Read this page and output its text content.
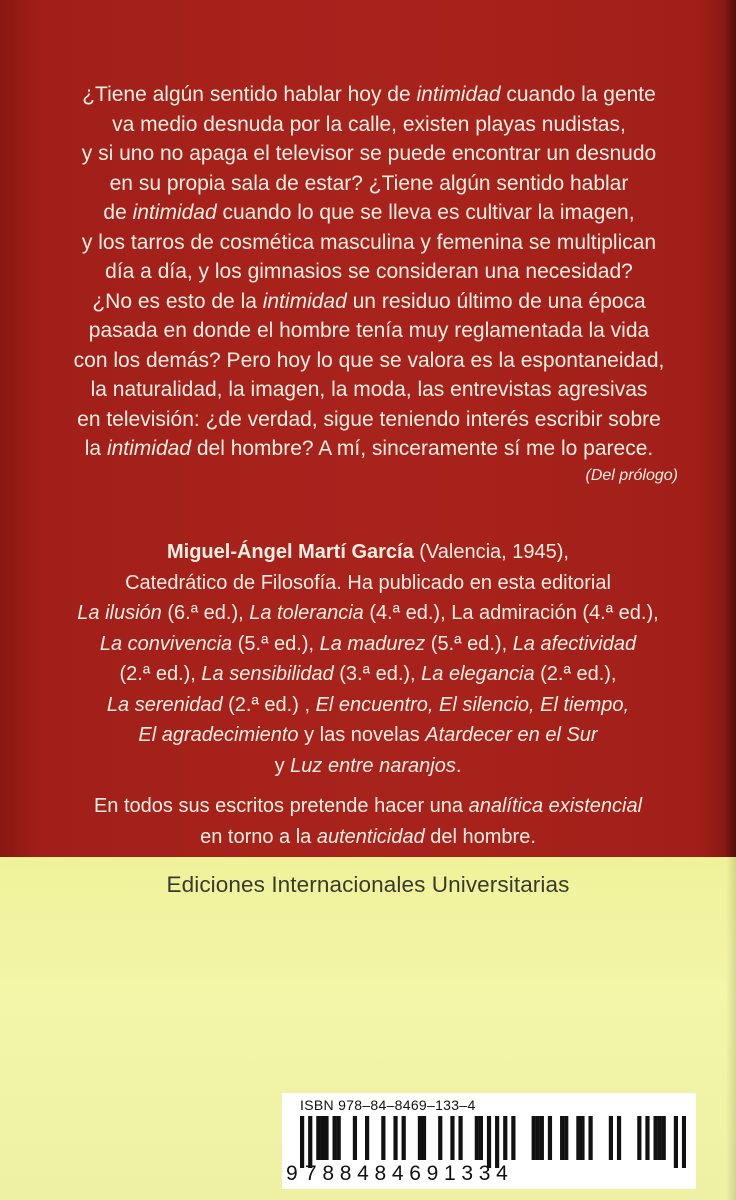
¿Tiene algún sentido hablar hoy de intimidad cuando la gente

va medio desnuda por la calle, existen playas nudistas,

y si uno no apaga el televisor se puede encontrar un desnudo

en su propia sala de estar? ¿Tiene algún sentido hablar

de intimidad cuando lo que se lleva es cultivar la imagen,

y los tarros de cosmética masculina y femenina se multiplican

día a día, y los gimnasios se consideran una necesidad?

¿No es esto de la intimidad un residuo último de una época

pasada en donde el hombre tenía muy reglamentada la vida

con los demás? Pero hoy lo que se valora es la espontaneidad,

la naturalidad, la imagen, la moda, las entrevistas agresivas

en televisión: ¿de verdad, sigue teniendo interés escribir sobre

la intimidad del hombre? A mí, sinceramente sí me lo parece.

(Del prólogo)

Miguel-Ángel Martí García (Valencia, 1945),

Catedrático de Filosofía. Ha publicado en esta editorial

La ilusión (6.ª ed.), La tolerancia (4.ª ed.), La admiración (4.ª ed.),

La convivencia (5.ª ed.), La madurez (5.ª ed.), La afectividad

(2.ª ed.), La sensibilidad (3.ª ed.), La elegancia (2.ª ed.),

La serenidad (2.ª ed.) , El encuentro, El silencio, El tiempo,

El agradecimiento y las novelas Atardecer en el Sur

y Luz entre naranjos.

En todos sus escritos pretende hacer una analítica existencial

en torno a la autenticidad del hombre.

Ediciones Internacionales Universitarias
ISBN 978–84–8469–133–4
9 788484691334
